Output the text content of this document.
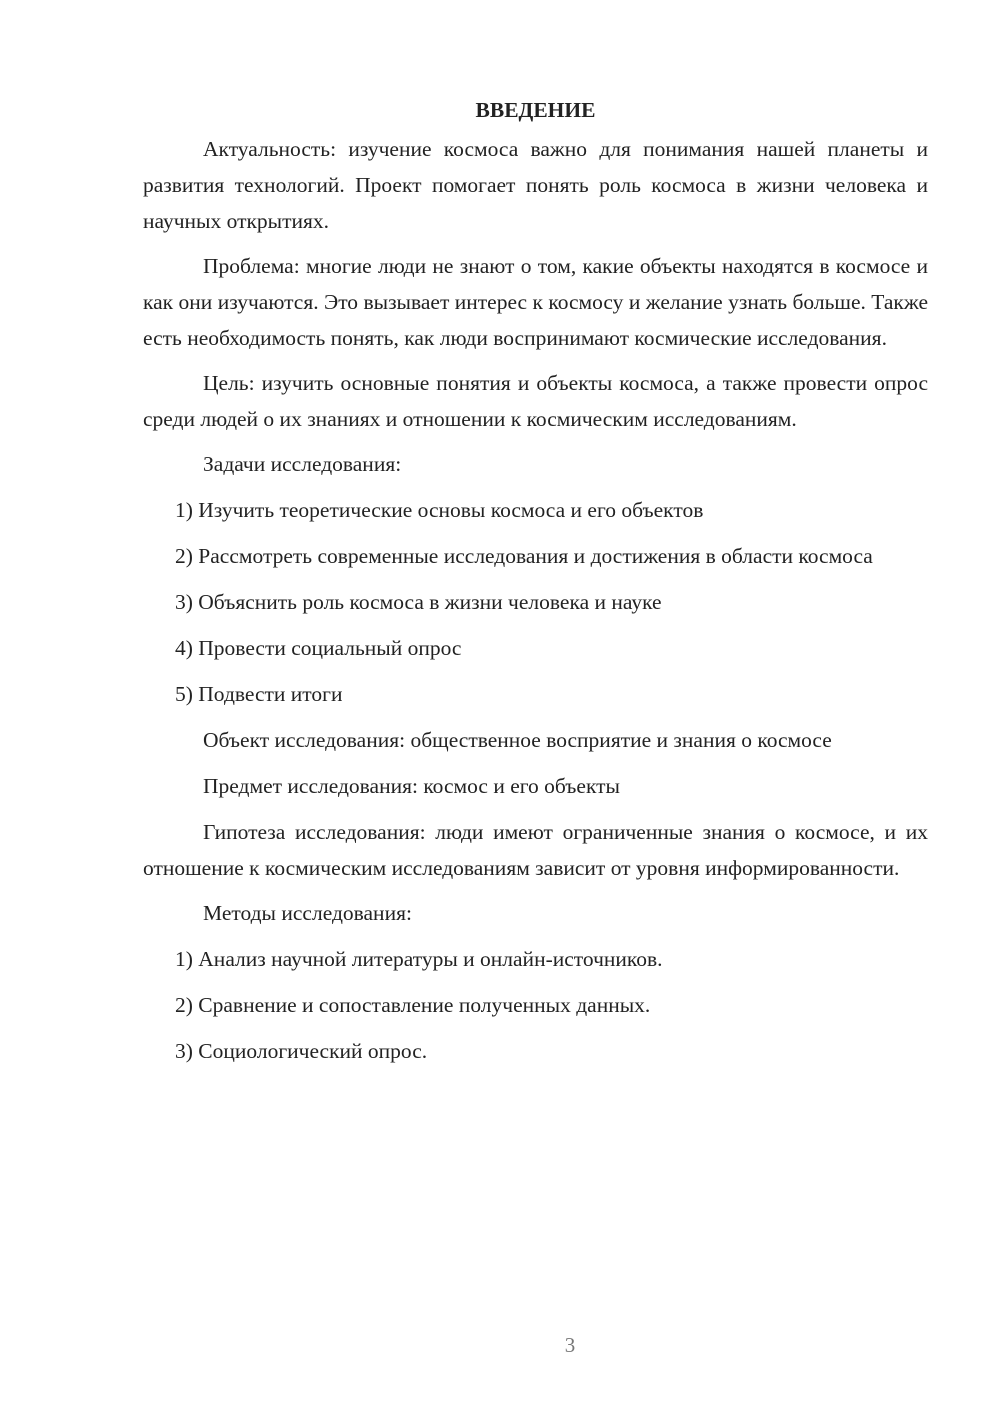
ВВЕДЕНИЕ

Актуальность: изучение космоса важно для понимания нашей планеты и развития технологий. Проект помогает понять роль космоса в жизни человека и научных открытиях.

Проблема: многие люди не знают о том, какие объекты находятся в космосе и как они изучаются. Это вызывает интерес к космосу и желание узнать больше. Также есть необходимость понять, как люди воспринимают космические исследования.

Цель: изучить основные понятия и объекты космоса, а также провести опрос среди людей о их знаниях и отношении к космическим исследованиям.

Задачи исследования:
1) Изучить теоретические основы космоса и его объектов
2) Рассмотреть современные исследования и достижения в области космоса
3) Объяснить роль космоса в жизни человека и науке
4) Провести социальный опрос
5) Подвести итоги
Объект исследования: общественное восприятие и знания о космосе
Предмет исследования: космос и его объекты

Гипотеза исследования: люди имеют ограниченные знания о космосе, и их отношение к космическим исследованиям зависит от уровня информированности.

Методы исследования:
1) Анализ научной литературы и онлайн-источников.
2) Сравнение и сопоставление полученных данных.
3) Социологический опрос.
3
